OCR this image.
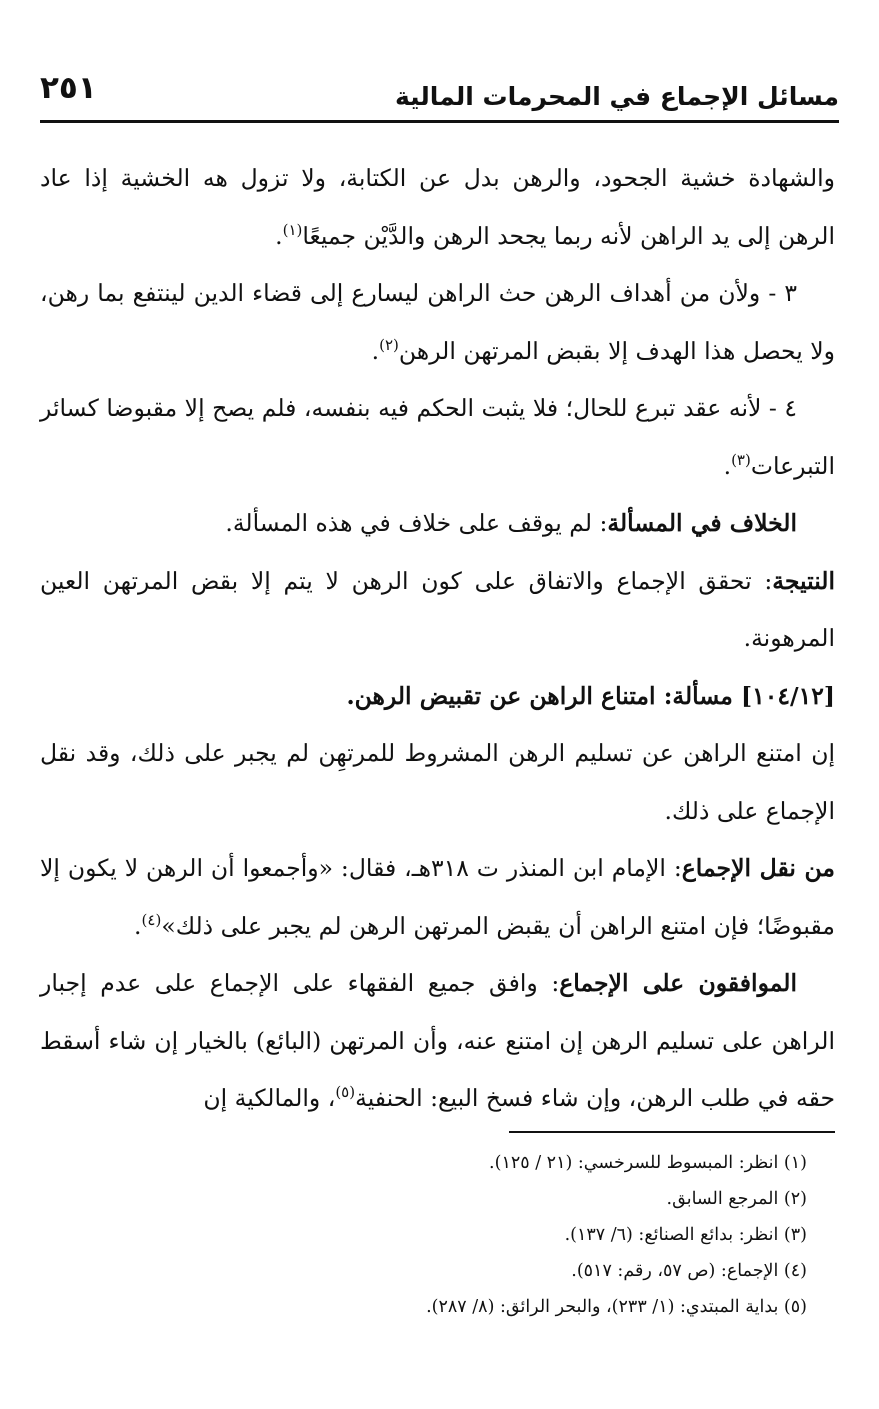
مسائل الإجماع في المحرمات المالية
٢٥١

والشهادة خشية الجحود، والرهن بدل عن الكتابة، ولا تزول هه الخشية إذا عاد الرهن إلى يد الراهن لأنه ربما يجحد الرهن والدَّيْن جميعًا$^{(١)}$.

٣ - ولأن من أهداف الرهن حث الراهن ليسارع إلى قضاء الدين لينتفع بما رهن، ولا يحصل هذا الهدف إلا بقبض المرتهن الرهن$^{(٢)}$.

٤ - لأنه عقد تبرع للحال؛ فلا يثبت الحكم فيه بنفسه، فلم يصح إلا مقبوضا كسائر التبرعات$^{(٣)}$.

الخلاف في المسألة: لم يوقف على خلاف في هذه المسألة.

النتيجة: تحقق الإجماع والاتفاق على كون الرهن لا يتم إلا بقض المرتهن العين المرهونة.

[١٠٤/١٢] مسألة: امتناع الراهن عن تقبيض الرهن.

إن امتنع الراهن عن تسليم الرهن المشروط للمرتهِن لم يجبر على ذلك، وقد نقل الإجماع على ذلك.

من نقل الإجماع: الإمام ابن المنذر ت ٣١٨هـ، فقال: «وأجمعوا أن الرهن لا يكون إلا مقبوضًا؛ فإن امتنع الراهن أن يقبض المرتهن الرهن لم يجبر على ذلك»$^{(٤)}$.

الموافقون على الإجماع: وافق جميع الفقهاء على الإجماع على عدم إجبار الراهن على تسليم الرهن إن امتنع عنه، وأن المرتهن (البائع) بالخيار إن شاء أسقط حقه في طلب الرهن، وإن شاء فسخ البيع: الحنفية$^{(٥)}$، والمالكية إن

(١) انظر: المبسوط للسرخسي: (٢١ / ١٢٥).
(٢) المرجع السابق.
(٣) انظر: بدائع الصنائع: (٦/ ١٣٧).
(٤) الإجماع: (ص ٥٧، رقم: ٥١٧).
(٥) بداية المبتدي: (١/ ٢٣٣)، والبحر الرائق: (٨/ ٢٨٧).
